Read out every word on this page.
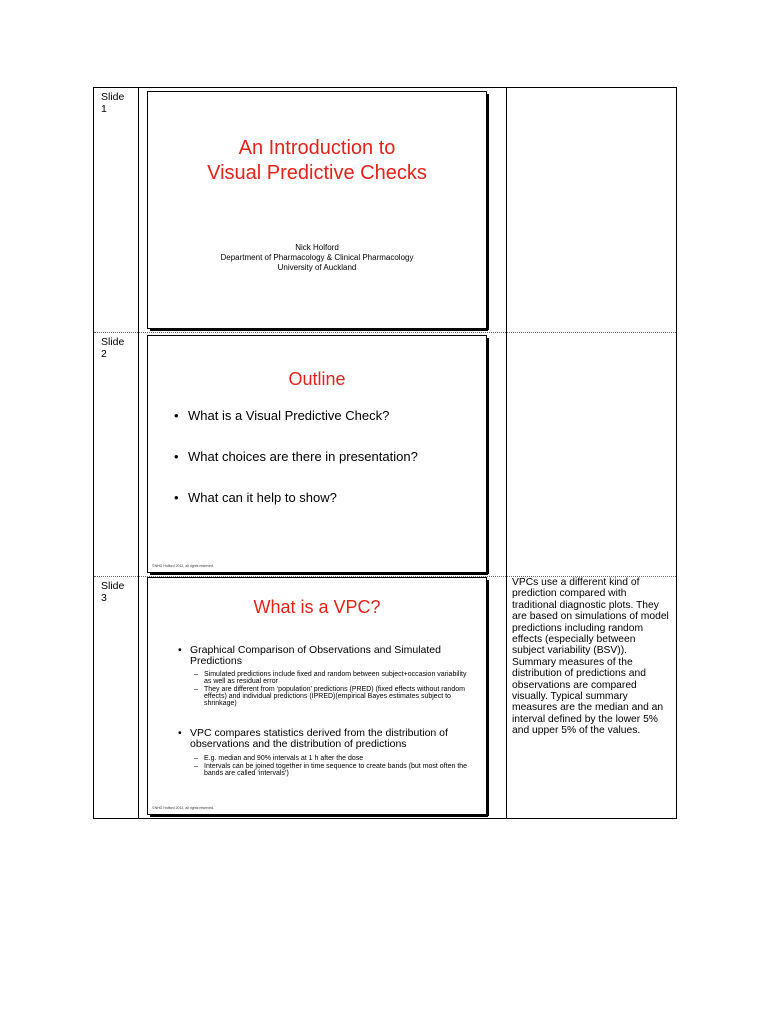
Slide
1
An Introduction to
Visual Predictive Checks
Nick Holford
Department of Pharmacology & Clinical Pharmacology
University of Auckland
Slide
2
Outline
• What is a Visual Predictive Check?
• What choices are there in presentation?
• What can it help to show?
©NHG Holford 2012, all rights reserved.
Slide
3	What is a VPC?
• Graphical Comparison of Observations and Simulated Predictions
– Simulated predictions include fixed and random between subject+occasion variability as well as residual error
– They are different from ‘population’ predictions (PRED) (fixed effects without random effects) and individual predictions (IPRED)(empirical Bayes estimates subject to shrinkage)
• VPC compares statistics derived from the distribution of observations and the distribution of predictions
– E.g. median and 90% intervals at 1 h after the dose
– Intervals can be joined together in time sequence to create bands (but most often the bands are called ‘intervals’)
©NHG Holford 2012, all rights reserved.
VPCs use a different kind of prediction compared with traditional diagnostic plots. They are based on simulations of model predictions including random effects (especially between subject variability (BSV)). Summary measures of the distribution of predictions and observations are compared visually. Typical summary measures are the median and an interval defined by the lower 5% and upper 5% of the values.
